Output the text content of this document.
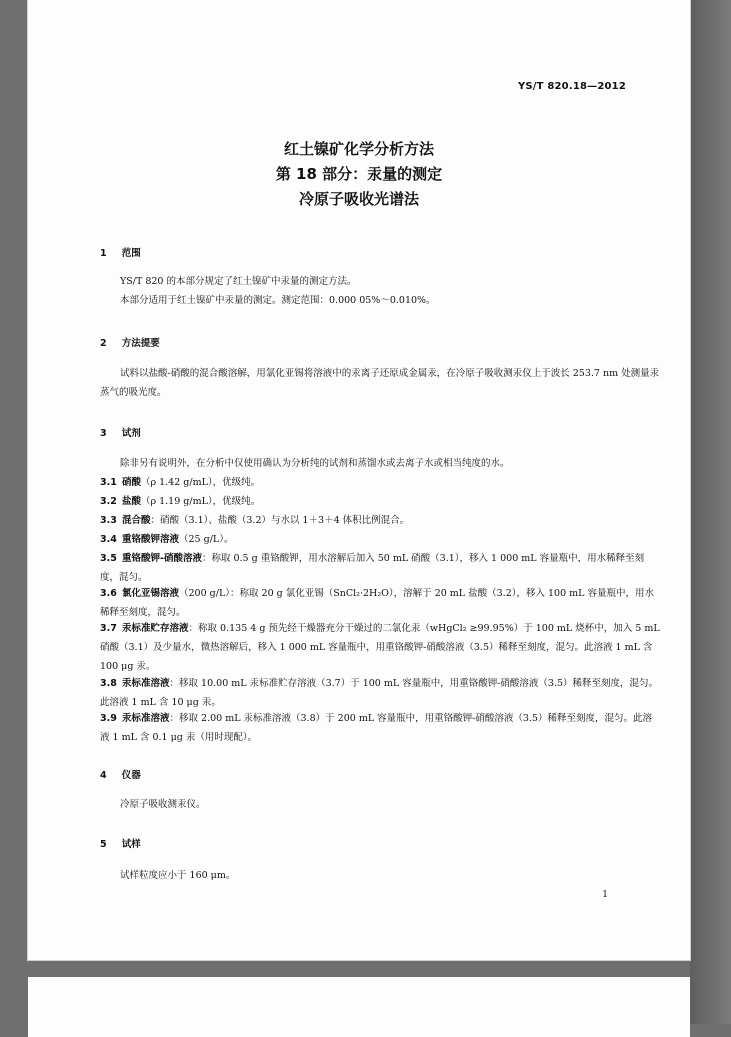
YS/T 820.18—2012
红土镍矿化学分析方法
第 18 部分：汞量的测定
冷原子吸收光谱法
1 范围
YS/T 820 的本部分规定了红土镍矿中汞量的测定方法。
本部分适用于红土镍矿中汞量的测定。测定范围：0.000 05%～0.010%。
2 方法提要
试料以盐酸-硝酸的混合酸溶解，用氯化亚锡将溶液中的汞离子还原成金属汞，在冷原子吸收测汞仪上于波长 253.7 nm 处测量汞蒸气的吸光度。
3 试剂
除非另有说明外，在分析中仅使用确认为分析纯的试剂和蒸馏水或去离子水或相当纯度的水。
3.1 硝酸（ρ 1.42 g/mL），优级纯。
3.2 盐酸（ρ 1.19 g/mL），优级纯。
3.3 混合酸：硝酸（3.1）、盐酸（3.2）与水以 1＋3＋4 体积比例混合。
3.4 重铬酸钾溶液（25 g/L）。
3.5 重铬酸钾-硝酸溶液：称取 0.5 g 重铬酸钾，用水溶解后加入 50 mL 硝酸（3.1），移入 1 000 mL 容量瓶中，用水稀释至刻度，混匀。
3.6 氯化亚锡溶液（200 g/L）：称取 20 g 氯化亚锡（SnCl₂·2H₂O），溶解于 20 mL 盐酸（3.2），移入 100 mL 容量瓶中，用水稀释至刻度，混匀。
3.7 汞标准贮存溶液：称取 0.135 4 g 预先经干燥器充分干燥过的二氯化汞（wHgCl₂ ≥99.95%）于 100 mL 烧杯中，加入 5 mL 硝酸（3.1）及少量水，微热溶解后，移入 1 000 mL 容量瓶中，用重铬酸钾-硝酸溶液（3.5）稀释至刻度，混匀。此溶液 1 mL 含 100 μg 汞。
3.8 汞标准溶液：移取 10.00 mL 汞标准贮存溶液（3.7）于 100 mL 容量瓶中，用重铬酸钾-硝酸溶液（3.5）稀释至刻度，混匀。此溶液 1 mL 含 10 μg 汞。
3.9 汞标准溶液：移取 2.00 mL 汞标准溶液（3.8）于 200 mL 容量瓶中，用重铬酸钾-硝酸溶液（3.5）稀释至刻度，混匀。此溶液 1 mL 含 0.1 μg 汞（用时现配）。
4 仪器
冷原子吸收测汞仪。
5 试样
试样粒度应小于 160 μm。
1
